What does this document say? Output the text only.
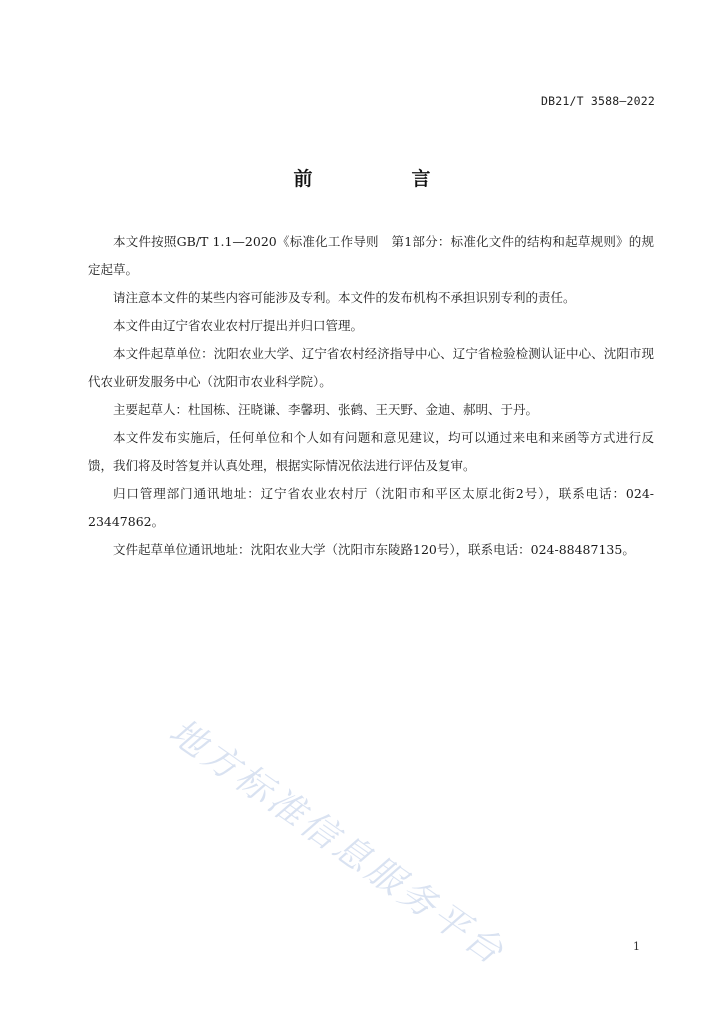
DB21/T 3588—2022
前　言

本文件按照GB/T 1.1—2020《标准化工作导则　第1部分：标准化文件的结构和起草规则》的规定起草。

请注意本文件的某些内容可能涉及专利。本文件的发布机构不承担识别专利的责任。

本文件由辽宁省农业农村厅提出并归口管理。

本文件起草单位：沈阳农业大学、辽宁省农村经济指导中心、辽宁省检验检测认证中心、沈阳市现代农业研发服务中心（沈阳市农业科学院）。

主要起草人：杜国栋、汪晓谦、李馨玥、张鹤、王天野、金迪、郝明、于丹。

本文件发布实施后，任何单位和个人如有问题和意见建议，均可以通过来电和来函等方式进行反馈，我们将及时答复并认真处理，根据实际情况依法进行评估及复审。

归口管理部门通讯地址：辽宁省农业农村厅（沈阳市和平区太原北街2号），联系电话：024-23447862。

文件起草单位通讯地址：沈阳农业大学（沈阳市东陵路120号），联系电话：024-88487135。

地方标准信息服务平台	1
